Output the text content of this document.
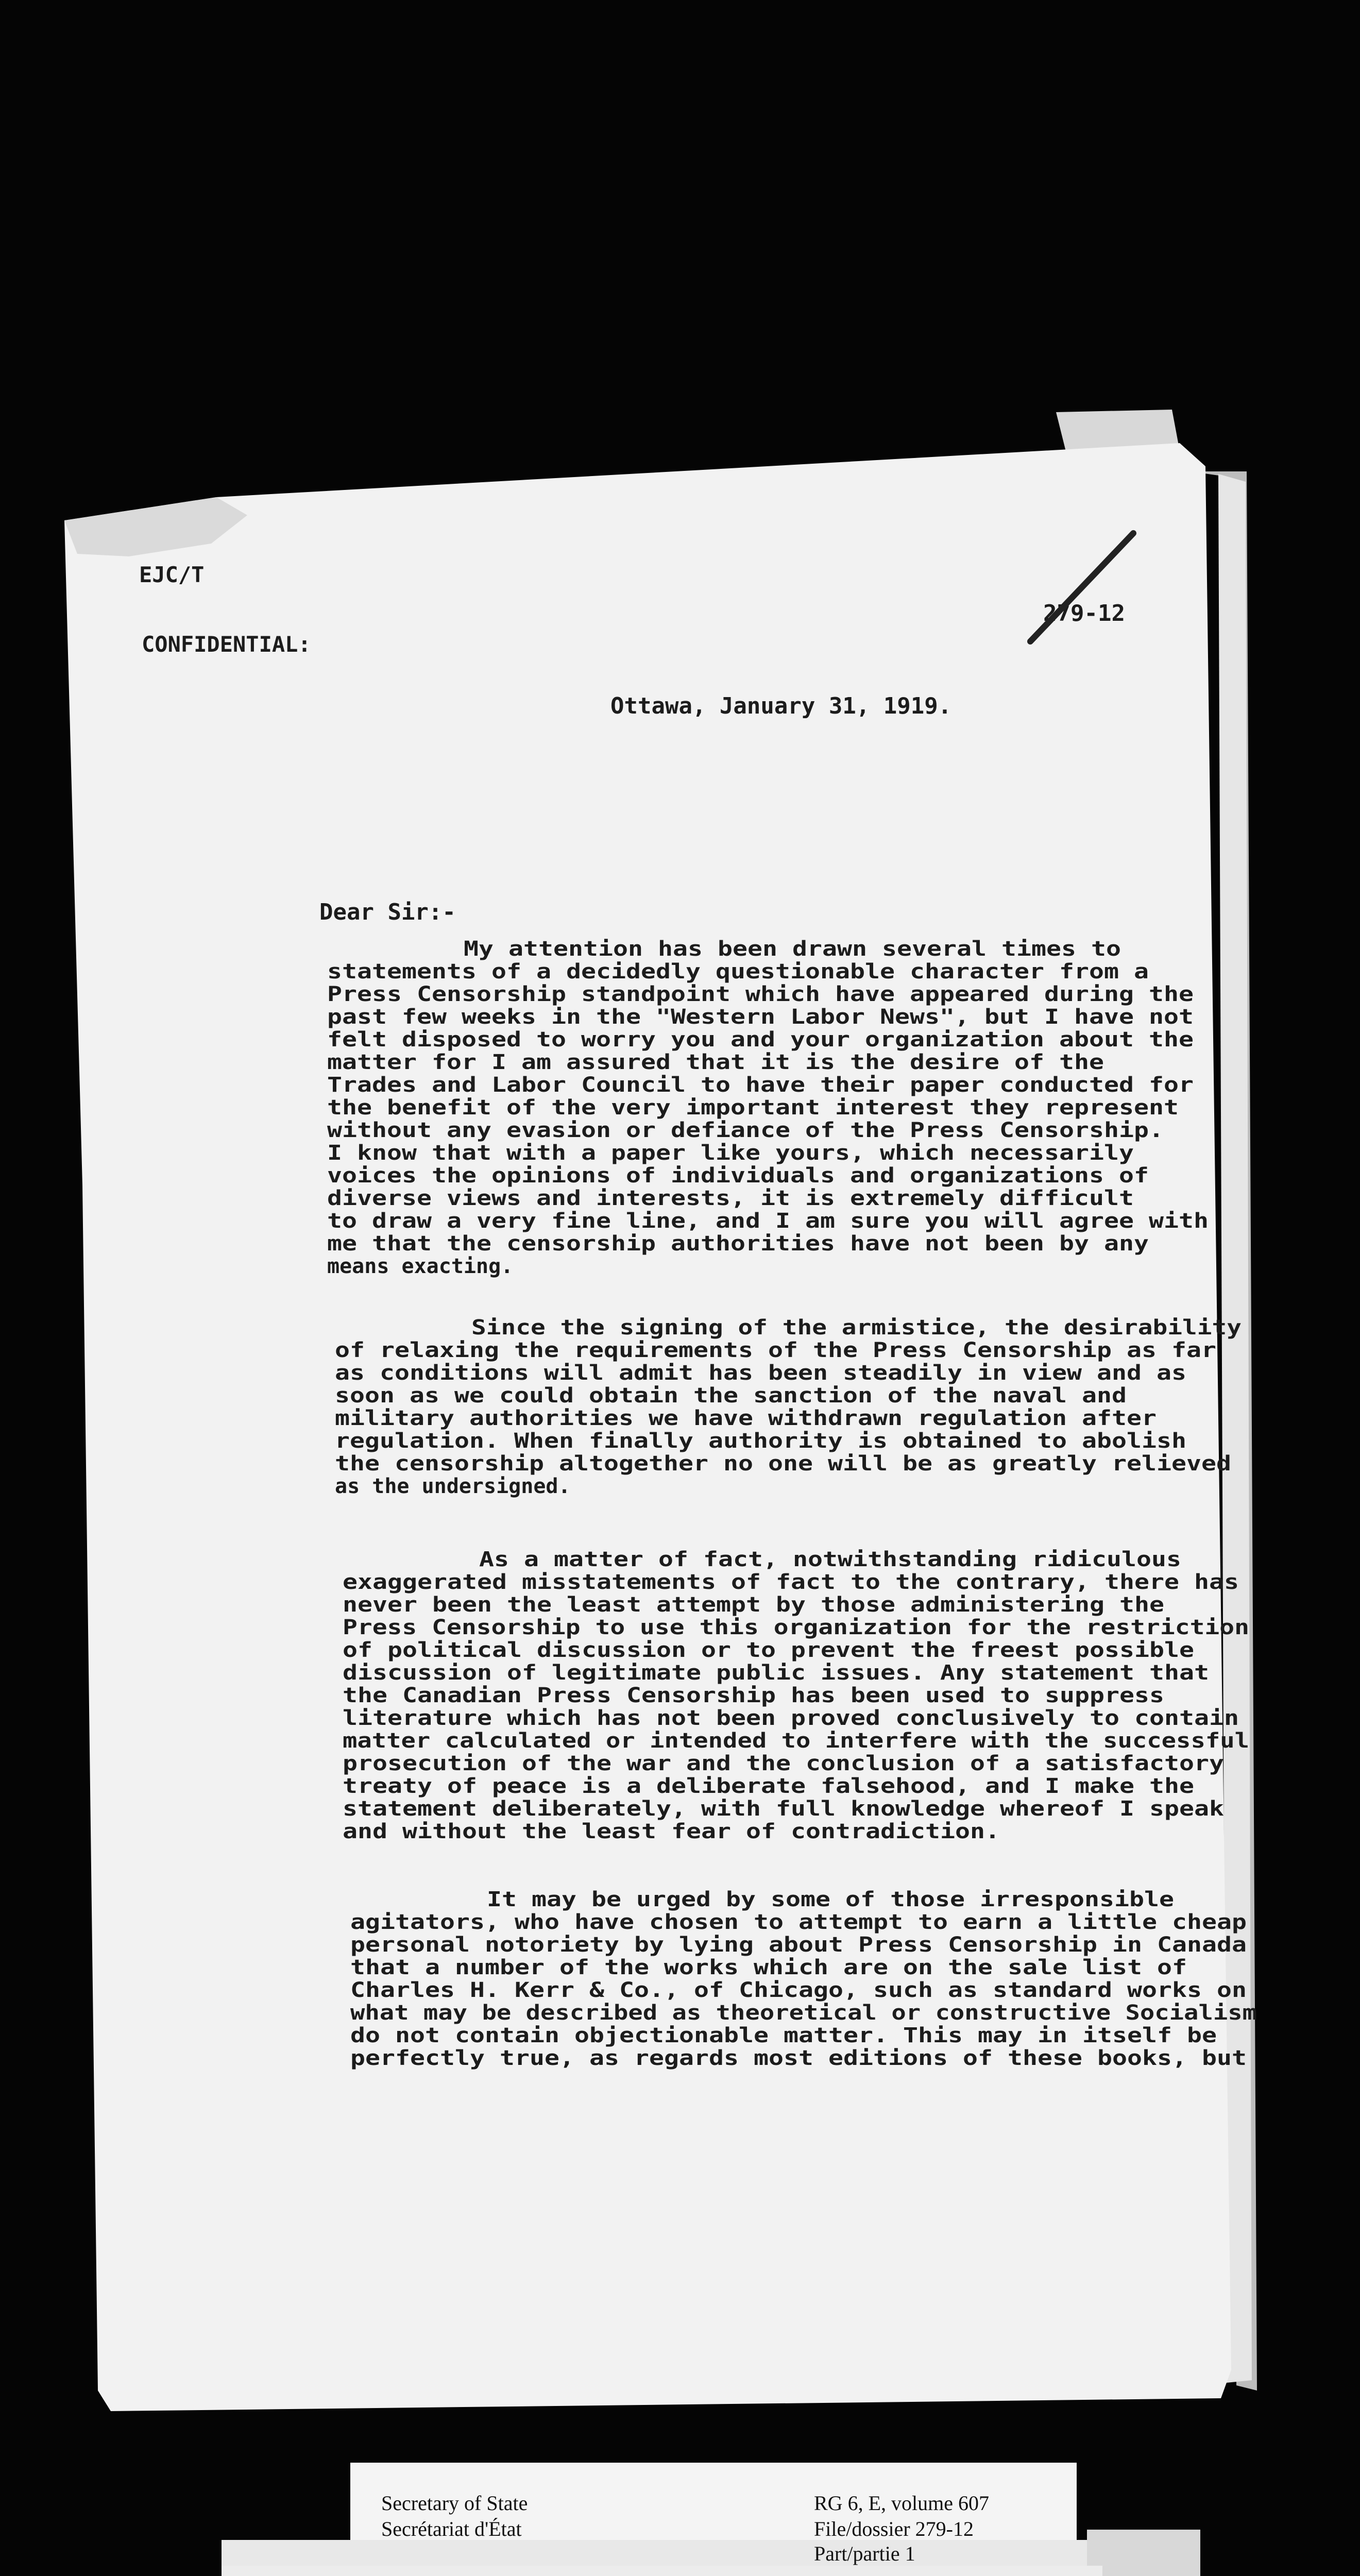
Secretary of State
Secrétariat d'État
RG 6, E, volume 607
File/dossier 279-12
Part/partie 1
EJC/T
CONFIDENTIAL:
279-12
Ottawa, January 31, 1919.
Dear Sir:-
My attention has been drawn several times to
statements of a decidedly questionable character from a
Press Censorship standpoint which have appeared during the
past few weeks in the "Western Labor News", but I have not
felt disposed to worry you and your organization about the
matter for I am assured that it is the desire of the
Trades and Labor Council to have their paper conducted for
the benefit of the very important interest they represent
without any evasion or defiance of the Press Censorship.
I know that with a paper like yours, which necessarily
voices the opinions of individuals and organizations of
diverse views and interests, it is extremely difficult
to draw a very fine line, and I am sure you will agree with
me that the censorship authorities have not been by any
means exacting.
Since the signing of the armistice, the desirability
of relaxing the requirements of the Press Censorship as far
as conditions will admit has been steadily in view and as
soon as we could obtain the sanction of the naval and
military authorities we have withdrawn regulation after
regulation. When finally authority is obtained to abolish
the censorship altogether no one will be as greatly relieved
as the undersigned.
As a matter of fact, notwithstanding ridiculous
exaggerated misstatements of fact to the contrary, there has
never been the least attempt by those administering the
Press Censorship to use this organization for the restriction
of political discussion or to prevent the freest possible
discussion of legitimate public issues. Any statement that
the Canadian Press Censorship has been used to suppress
literature which has not been proved conclusively to contain
matter calculated or intended to interfere with the successful
prosecution of the war and the conclusion of a satisfactory
treaty of peace is a deliberate falsehood, and I make the
statement deliberately, with full knowledge whereof I speak
and without the least fear of contradiction.
It may be urged by some of those irresponsible
agitators, who have chosen to attempt to earn a little cheap
personal notoriety by lying about Press Censorship in Canada
that a number of the works which are on the sale list of
Charles H. Kerr & Co., of Chicago, such as standard works on
what may be described as theoretical or constructive Socialism
do not contain objectionable matter. This may in itself be
perfectly true, as regards most editions of these books, but
